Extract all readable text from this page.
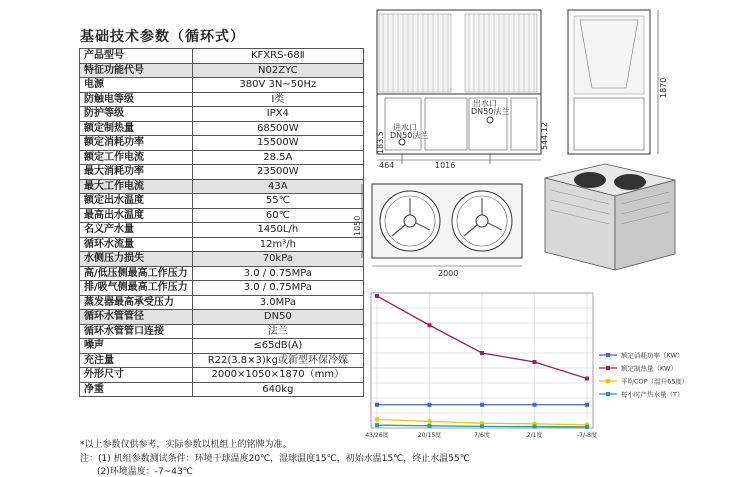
基础技术参数（循环式）
产品型号	KFXRS-68Ⅱ
特征功能代号	N02ZYC
电源	380V 3N~50Hz
防触电等级	Ⅰ类
防护等级	IPX4
额定制热量	68500W
额定消耗功率	15500W
额定工作电流	28.5A
最大消耗功率	23500W
最大工作电流	43A
额定出水温度	55℃
最高出水温度	60℃
名义产水量	1450L/h
循环水流量	12m³/h
水侧压力损失	70kPa
高/低压侧最高工作压力	3.0 / 0.75MPa
排/吸气侧最高工作压力	3.0 / 0.75MPa
蒸发器最高承受压力	3.0MPa
循环水管管径	DN50
循环水管管口连接	法兰
噪声	≤65dB(A)
充注量	R22(3.8×3)kg或新型环保冷媒
外形尺寸	2000×1050×1870（mm）
净重	640kg
*以上参数仅供参考，实际参数以机组上的铭牌为准。
注：(1) 机组参数测试条件：环境干球温度20℃，湿球温度15℃，初始水温15℃，终止水温55℃
(2)环境温度：-7~43℃
进水口
DN50法兰
出水口
DN50法兰
464	1016
183.5	544.12
1870
2000
1050
43/26度	20/15度	7/6度	2/1度	-7/-8度
额定消耗功率（KW）
额定制热量（KW）
平均COP（温升65度）
每小时产热水量（T）
